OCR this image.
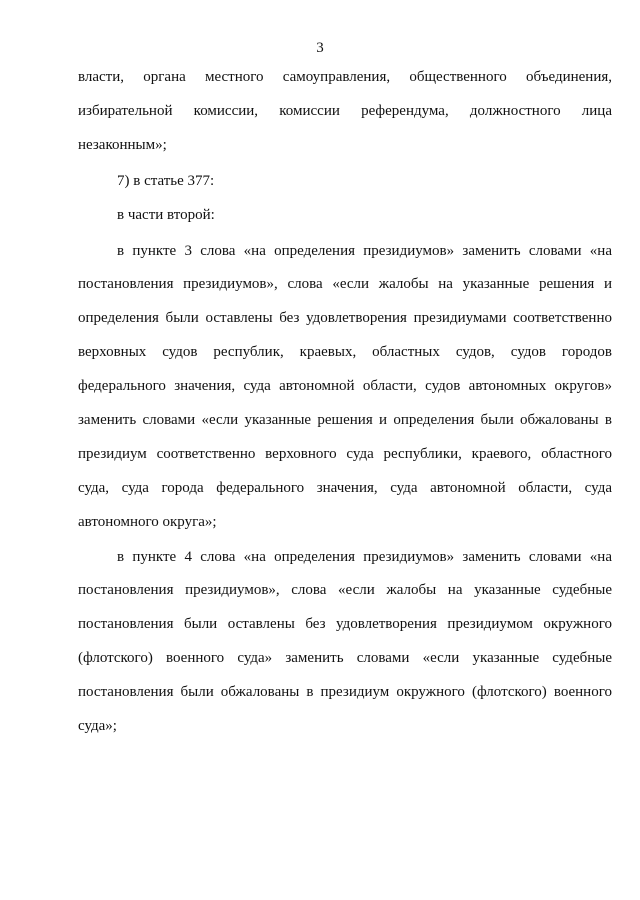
3
власти, органа местного самоуправления, общественного объединения,
избирательной комиссии, комиссии референдума, должностного лица
незаконным»;
7) в статье 377:
в части второй:
в пункте 3 слова «на определения президиумов» заменить словами «на
постановления президиумов», слова «если жалобы на указанные решения и
определения были оставлены без удовлетворения президиумами соответственно
верховных судов республик, краевых, областных судов, судов городов
федерального значения, суда автономной области, судов автономных округов»
заменить словами «если указанные решения и определения были обжалованы в
президиум соответственно верховного суда республики, краевого, областного
суда, суда города федерального значения, суда автономной области, суда
автономного округа»;
в пункте 4 слова «на определения президиумов» заменить словами «на
постановления президиумов», слова «если жалобы на указанные судебные
постановления были оставлены без удовлетворения президиумом окружного
(флотского) военного суда» заменить словами «если указанные судебные
постановления были обжалованы в президиум окружного (флотского) военного
суда»;
